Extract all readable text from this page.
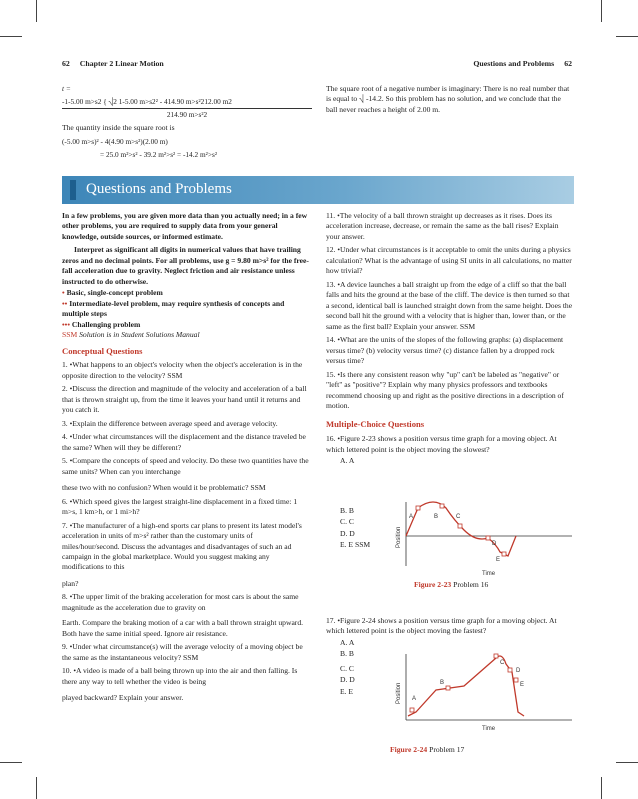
62 Chapter 2 Linear Motion	Questions and Problems 62

t =

-1-5.00 m>s2 { ⎷2 1-5.00 m>s2² - 414.90 m>s²212.00 m2

214.90 m>s²2

The quantity inside the square root is

(-5.00 m>s)² - 4(4.90 m>s²)(2.00 m)

= 25.0 m²>s² - 39.2 m²>s² = -14.2 m²>s²

The square root of a negative number is imaginary: There is no real number that is equal to ⎷ -14.2. So this problem has no solution, and we conclude that the ball never reaches a height of 2.00 m.

Questions and Problems

In a few problems, you are given more data than you actually need; in a few other problems, you are required to supply data from your general knowledge, outside sources, or informed estimate.

Interpret as significant all digits in numerical values that have trailing zeros and no decimal points. For all problems, use g = 9.80 m>s² for the free-fall acceleration due to gravity. Neglect friction and air resistance unless instructed to do otherwise.

• Basic, single-concept problem

•• Intermediate-level problem, may require synthesis of concepts and multiple steps

••• Challenging problem

SSM Solution is in Student Solutions Manual

Conceptual Questions

1. •What happens to an object's velocity when the object's acceleration is in the opposite direction to the velocity? SSM

2. •Discuss the direction and magnitude of the velocity and acceleration of a ball that is thrown straight up, from the time it leaves your hand until it returns and you catch it.

3. •Explain the difference between average speed and average velocity.

4. •Under what circumstances will the displacement and the distance traveled be the same? When will they be different?

5. •Compare the concepts of speed and velocity. Do these two quantities have the same units? When can you interchange

these two with no confusion? When would it be problematic? SSM

6. •Which speed gives the largest straight-line displacement in a fixed time: 1 m>s, 1 km>h, or 1 mi>h?

7. •The manufacturer of a high-end sports car plans to present its latest model's acceleration in units of m>s² rather than the customary units of miles/hour/second. Discuss the advantages and disadvantages of such an ad campaign in the global marketplace. Would you suggest making any modifications to this

plan?

8. •The upper limit of the braking acceleration for most cars is about the same magnitude as the acceleration due to gravity on

Earth. Compare the braking motion of a car with a ball thrown straight upward. Both have the same initial speed. Ignore air resistance.

9. •Under what circumstance(s) will the average velocity of a moving object be the same as the instantaneous velocity? SSM

10. •A video is made of a ball being thrown up into the air and then falling. Is there any way to tell whether the video is being

played backward? Explain your answer.

11. •The velocity of a ball thrown straight up decreases as it rises. Does its acceleration increase, decrease, or remain the same as the ball rises? Explain your answer.

12. •Under what circumstances is it acceptable to omit the units during a physics calculation? What is the advantage of using SI units in all calculations, no matter how trivial?

13. •A device launches a ball straight up from the edge of a cliff so that the ball falls and hits the ground at the base of the cliff. The device is then turned so that a second, identical ball is launched straight down from the same height. Does the second ball hit the ground with a velocity that is higher than, lower than, or the same as the first ball? Explain your answer. SSM

14. •What are the units of the slopes of the following graphs: (a) displacement versus time? (b) velocity versus time? (c) distance fallen by a dropped rock versus time?

15. •Is there any consistent reason why "up" can't be labeled as "negative" or "left" as "positive"? Explain why many physics professors and textbooks recommend choosing up and right as the positive directions in a description of motion.

Multiple-Choice Questions

16. •Figure 2-23 shows a position versus time graph for a moving object. At which lettered point is the object moving the slowest?

A. A

B. B

C. C

D. D

E. E SSM	Position
Time
A	B	C
D
E
Figure 2-23 Problem 16

17. •Figure 2-24 shows a position versus time graph for a moving object. At which lettered point is the object moving the fastest?

A. A

B. B

C. C

D. D

E. E	Position
Time
A
B
C
D
E
Figure 2-24 Problem 17
